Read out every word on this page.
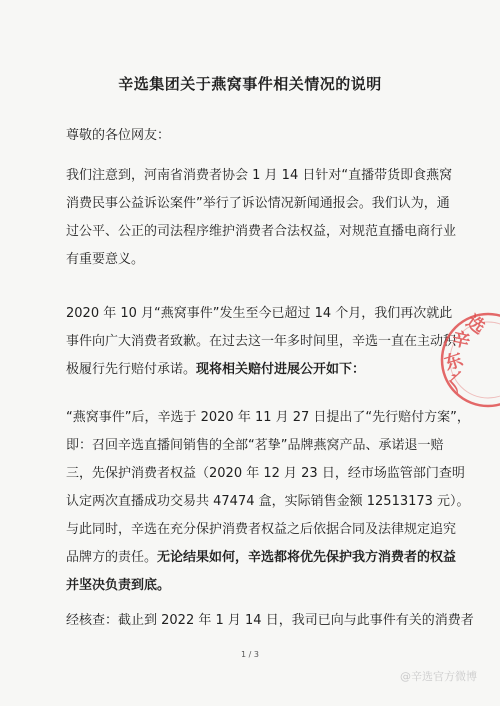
辛选集团关于燕窝事件相关情况的说明
尊敬的各位网友：
我们注意到，河南省消费者协会 1 月 14 日针对“直播带货即食燕窝
消费民事公益诉讼案件”举行了诉讼情况新闻通报会。我们认为，通
过公平、公正的司法程序维护消费者合法权益，对规范直播电商行业
有重要意义。
2020 年 10 月“燕窝事件”发生至今已超过 14 个月，我们再次就此
事件向广大消费者致歉。在过去这一年多时间里，辛选一直在主动积
极履行先行赔付承诺。现将相关赔付进展公开如下：
“燕窝事件”后，辛选于 2020 年 11 月 27 日提出了“先行赔付方案”，
即：召回辛选直播间销售的全部“茗挚”品牌燕窝产品、承诺退一赔
三，先保护消费者权益（2020 年 12 月 23 日，经市场监管部门查明
认定两次直播成功交易共 47474 盒，实际销售金额 12513173 元）。
与此同时，辛选在充分保护消费者权益之后依据合同及法律规定追究
品牌方的责任。无论结果如何，辛选都将优先保护我方消费者的权益
并坚决负责到底。
经核查：截止到 2022 年 1 月 14 日，我司已向与此事件有关的消费者
1 / 3
@辛选官方微博
广
东
辛
选
